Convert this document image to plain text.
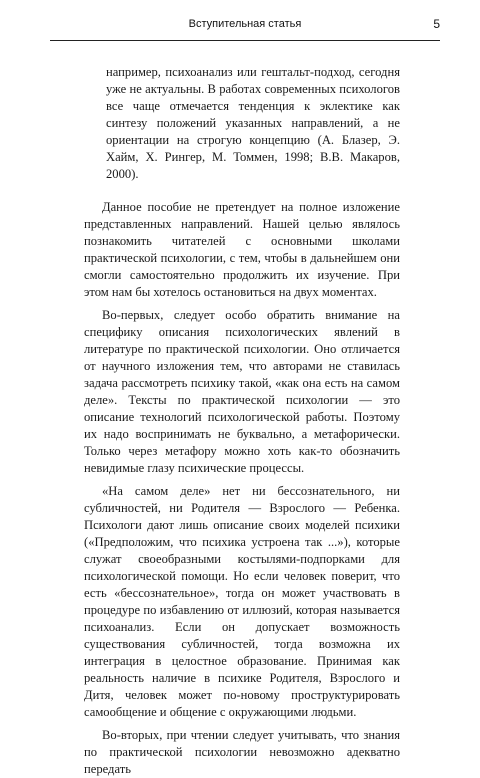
Вступительная статья	5

например, психоанализ или гештальт-подход, сегодня уже не актуальны. В работах современных психологов все чаще отмечается тенденция к эклектике как синтезу положений указанных направлений, а не ориентации на строгую концепцию (А. Блазер, Э. Хайм, Х. Рингер, М. Томмен, 1998; В.В. Макаров, 2000).

Данное пособие не претендует на полное изложение представленных направлений. Нашей целью являлось познакомить читателей с основными школами практической психологии, с тем, чтобы в дальнейшем они смогли самостоятельно продолжить их изучение. При этом нам бы хотелось остановиться на двух моментах.

Во-первых, следует особо обратить внимание на специфику описания психологических явлений в литературе по практической психологии. Оно отличается от научного изложения тем, что авторами не ставилась задача рассмотреть психику такой, «как она есть на самом деле». Тексты по практической психологии — это описание технологий психологической работы. Поэтому их надо воспринимать не буквально, а метафорически. Только через метафору можно хоть как-то обозначить невидимые глазу психические процессы.

«На самом деле» нет ни бессознательного, ни субличностей, ни Родителя — Взрослого — Ребенка. Психологи дают лишь описание своих моделей психики («Предположим, что психика устроена так ...»), которые служат своеобразными костылями-подпорками для психологической помощи. Но если человек поверит, что есть «бессознательное», тогда он может участвовать в процедуре по избавлению от иллюзий, которая называется психоанализ. Если он допускает возможность существования субличностей, тогда возможна их интеграция в целостное образование. Принимая как реальность наличие в психике Родителя, Взрослого и Дитя, человек может по-новому проструктурировать самообщение и общение с окружающими людьми.

Во-вторых, при чтении следует учитывать, что знания по практической психологии невозможно адекватно передать
